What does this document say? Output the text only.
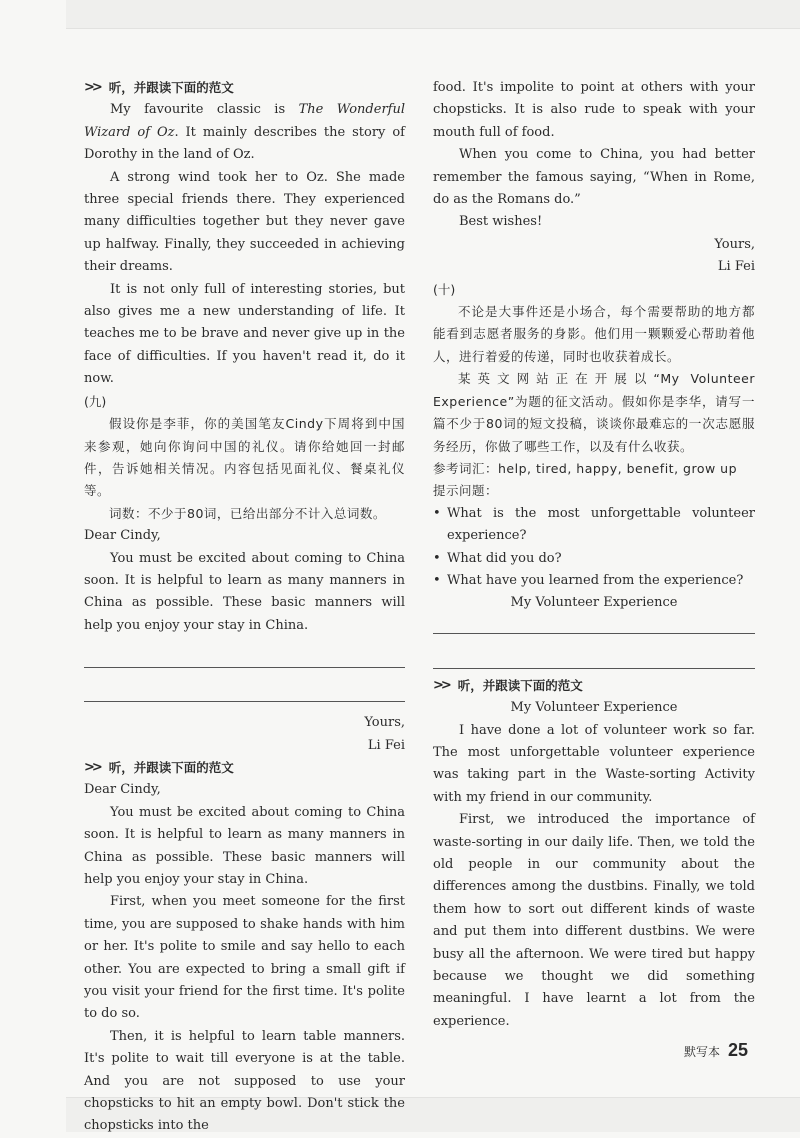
>> 听，并跟读下面的范文

My favourite classic is The Wonderful Wizard of Oz. It mainly describes the story of Dorothy in the land of Oz.

A strong wind took her to Oz. She made three special friends there. They experienced many difficulties together but they never gave up halfway. Finally, they succeeded in achieving their dreams.

It is not only full of interesting stories, but also gives me a new understanding of life. It teaches me to be brave and never give up in the face of difficulties. If you haven't read it, do it now.

(九)

假设你是李菲，你的美国笔友Cindy下周将到中国来参观，她向你询问中国的礼仪。请你给她回一封邮件，告诉她相关情况。内容包括见面礼仪、餐桌礼仪等。

词数：不少于80词，已给出部分不计入总词数。

Dear Cindy,

You must be excited about coming to China soon. It is helpful to learn as many manners in China as possible. These basic manners will help you enjoy your stay in China.

Yours,

Li Fei

>> 听，并跟读下面的范文

Dear Cindy,

You must be excited about coming to China soon. It is helpful to learn as many manners in China as possible. These basic manners will help you enjoy your stay in China.

First, when you meet someone for the first time, you are supposed to shake hands with him or her. It's polite to smile and say hello to each other. You are expected to bring a small gift if you visit your friend for the first time. It's polite to do so.

Then, it is helpful to learn table manners. It's polite to wait till everyone is at the table. And you are not supposed to use your chopsticks to hit an empty bowl. Don't stick the chopsticks into the

food. It's impolite to point at others with your chopsticks. It is also rude to speak with your mouth full of food.

When you come to China, you had better remember the famous saying, “When in Rome, do as the Romans do.”

Best wishes!

Yours,

Li Fei

(十)

不论是大事件还是小场合，每个需要帮助的地方都能看到志愿者服务的身影。他们用一颗颗爱心帮助着他人，进行着爱的传递，同时也收获着成长。

某英文网站正在开展以“My Volunteer Experience”为题的征文活动。假如你是李华，请写一篇不少于80词的短文投稿，谈谈你最难忘的一次志愿服务经历，你做了哪些工作，以及有什么收获。

参考词汇：help, tired, happy, benefit, grow up

提示问题：

• What is the most unforgettable volunteer experience?
• What did you do?
• What have you learned from the experience?

My Volunteer Experience

>> 听，并跟读下面的范文

My Volunteer Experience

I have done a lot of volunteer work so far. The most unforgettable volunteer experience was taking part in the Waste-sorting Activity with my friend in our community.

First, we introduced the importance of waste-sorting in our daily life. Then, we told the old people in our community about the differences among the dustbins. Finally, we told them how to sort out different kinds of waste and put them into different dustbins. We were busy all the afternoon. We were tired but happy because we thought we did something meaningful. I have learnt a lot from the experience.

默写本 25
